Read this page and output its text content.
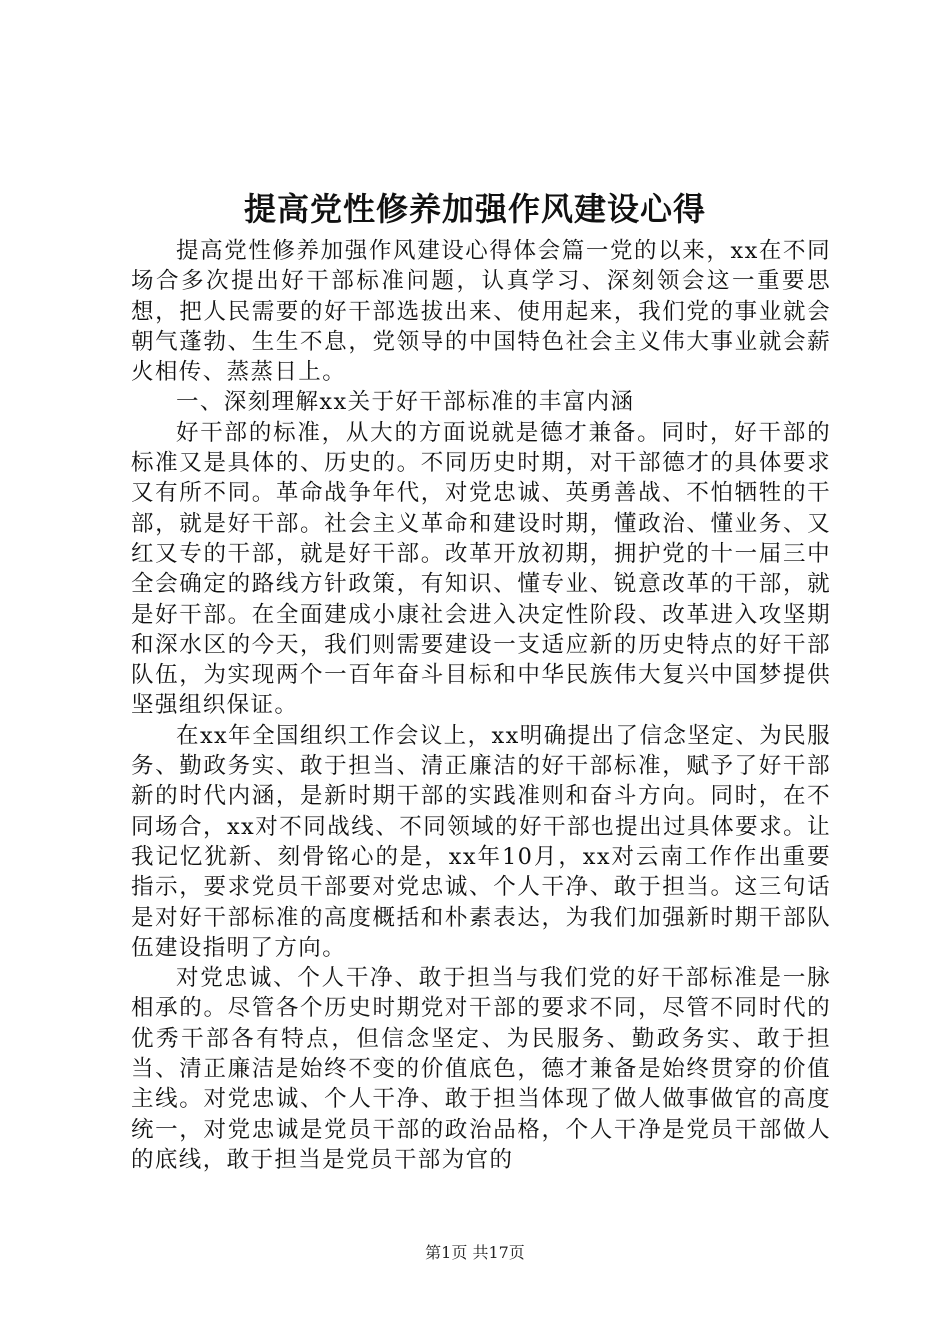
提高党性修养加强作风建设心得

提高党性修养加强作风建设心得体会篇一党的以来，xx在不同场合多次提出好干部标准问题，认真学习、深刻领会这一重要思想，把人民需要的好干部选拔出来、使用起来，我们党的事业就会朝气蓬勃、生生不息，党领导的中国特色社会主义伟大事业就会薪火相传、蒸蒸日上。

一、深刻理解xx关于好干部标准的丰富内涵

好干部的标准，从大的方面说就是德才兼备。同时，好干部的标准又是具体的、历史的。不同历史时期，对干部德才的具体要求又有所不同。革命战争年代，对党忠诚、英勇善战、不怕牺牲的干部，就是好干部。社会主义革命和建设时期，懂政治、懂业务、又红又专的干部，就是好干部。改革开放初期，拥护党的十一届三中全会确定的路线方针政策，有知识、懂专业、锐意改革的干部，就是好干部。在全面建成小康社会进入决定性阶段、改革进入攻坚期和深水区的今天，我们则需要建设一支适应新的历史特点的好干部队伍，为实现两个一百年奋斗目标和中华民族伟大复兴中国梦提供坚强组织保证。

在xx年全国组织工作会议上，xx明确提出了信念坚定、为民服务、勤政务实、敢于担当、清正廉洁的好干部标准，赋予了好干部新的时代内涵，是新时期干部的实践准则和奋斗方向。同时，在不同场合，xx对不同战线、不同领域的好干部也提出过具体要求。让我记忆犹新、刻骨铭心的是，xx年10月，xx对云南工作作出重要指示，要求党员干部要对党忠诚、个人干净、敢于担当。这三句话是对好干部标准的高度概括和朴素表达，为我们加强新时期干部队伍建设指明了方向。

对党忠诚、个人干净、敢于担当与我们党的好干部标准是一脉相承的。尽管各个历史时期党对干部的要求不同，尽管不同时代的优秀干部各有特点，但信念坚定、为民服务、勤政务实、敢于担当、清正廉洁是始终不变的价值底色，德才兼备是始终贯穿的价值主线。对党忠诚、个人干净、敢于担当体现了做人做事做官的高度统一，对党忠诚是党员干部的政治品格，个人干净是党员干部做人的底线，敢于担当是党员干部为官的

第1页 共17页
